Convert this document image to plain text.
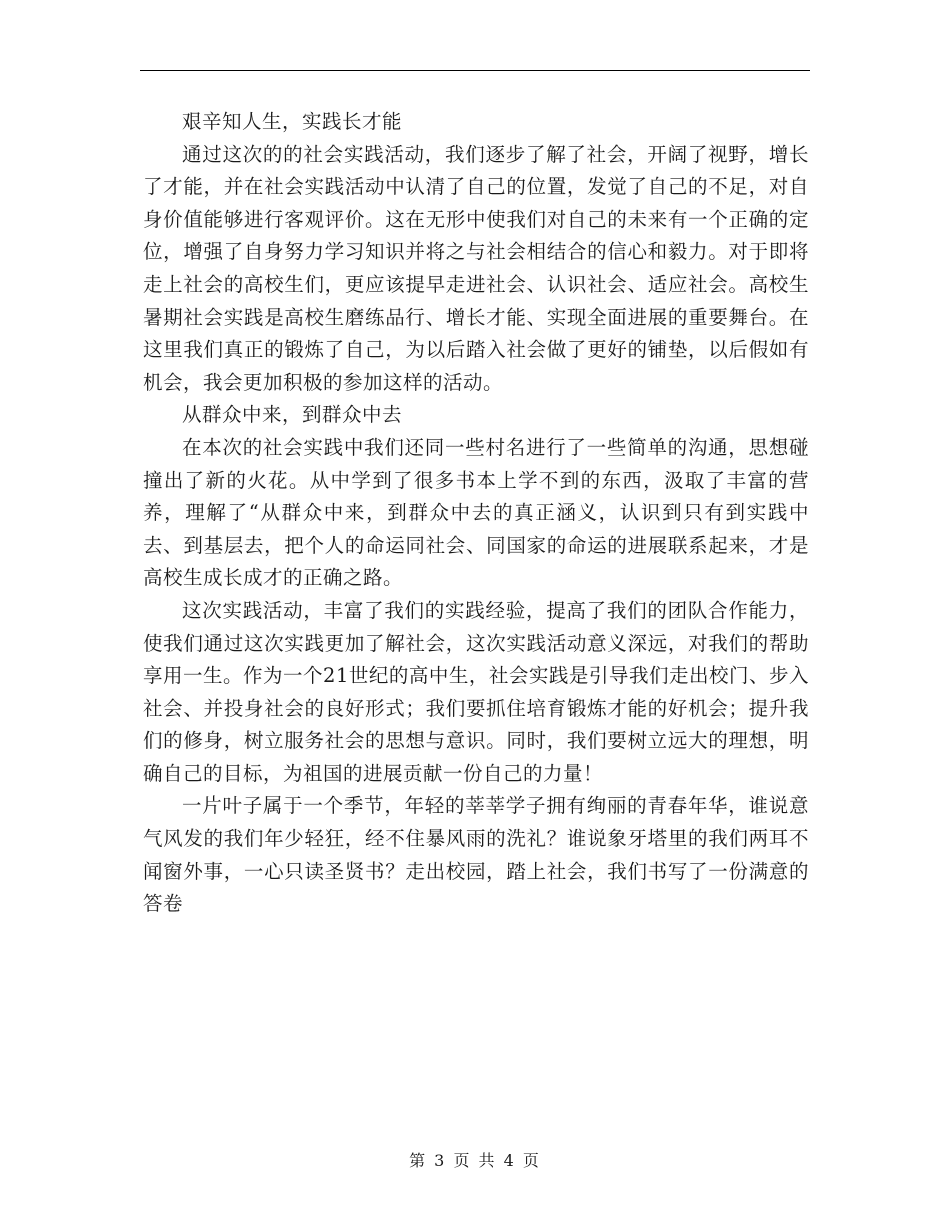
艰辛知人生，实践长才能

通过这次的的社会实践活动，我们逐步了解了社会，开阔了视野，增长了才能，并在社会实践活动中认清了自己的位置，发觉了自己的不足，对自身价值能够进行客观评价。这在无形中使我们对自己的未来有一个正确的定位，增强了自身努力学习知识并将之与社会相结合的信心和毅力。对于即将走上社会的高校生们，更应该提早走进社会、认识社会、适应社会。高校生暑期社会实践是高校生磨练品行、增长才能、实现全面进展的重要舞台。在这里我们真正的锻炼了自己，为以后踏入社会做了更好的铺垫，以后假如有机会，我会更加积极的参加这样的活动。

从群众中来，到群众中去

在本次的社会实践中我们还同一些村名进行了一些简单的沟通，思想碰撞出了新的火花。从中学到了很多书本上学不到的东西，汲取了丰富的营养，理解了“从群众中来，到群众中去的真正涵义，认识到只有到实践中去、到基层去，把个人的命运同社会、同国家的命运的进展联系起来，才是高校生成长成才的正确之路。

这次实践活动，丰富了我们的实践经验，提高了我们的团队合作能力，使我们通过这次实践更加了解社会，这次实践活动意义深远，对我们的帮助享用一生。作为一个21世纪的高中生，社会实践是引导我们走出校门、步入社会、并投身社会的良好形式；我们要抓住培育锻炼才能的好机会；提升我们的修身，树立服务社会的思想与意识。同时，我们要树立远大的理想，明确自己的目标，为祖国的进展贡献一份自己的力量！

一片叶子属于一个季节，年轻的莘莘学子拥有绚丽的青春年华，谁说意气风发的我们年少轻狂，经不住暴风雨的洗礼？谁说象牙塔里的我们两耳不闻窗外事，一心只读圣贤书？走出校园，踏上社会，我们书写了一份满意的答卷

第 3 页 共 4 页
